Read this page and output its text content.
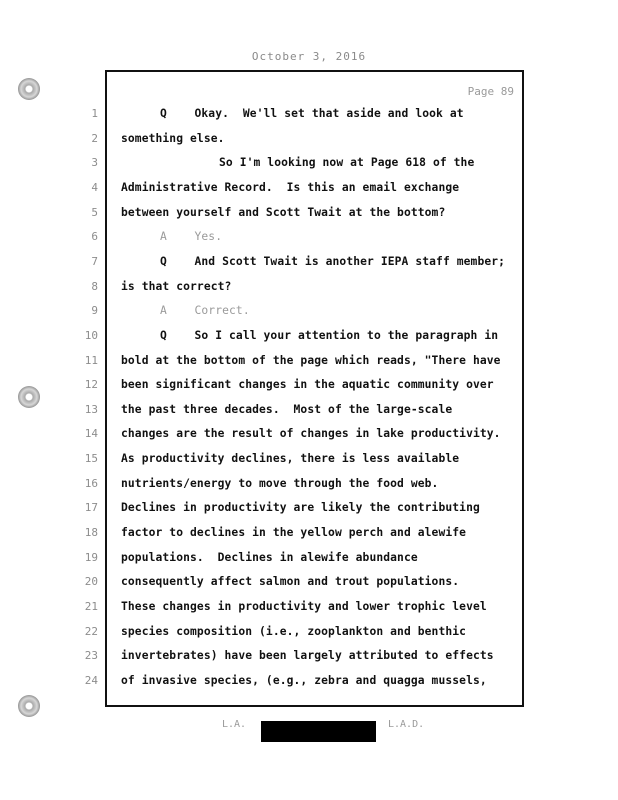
October 3, 2016
Page 89
1	Q    Okay.  We'll set that aside and look at
2 something else.
3	So I'm looking now at Page 618 of the
4 Administrative Record.  Is this an email exchange
5 between yourself and Scott Twait at the bottom?
6	A    Yes.
7	Q    And Scott Twait is another IEPA staff member;
8 is that correct?
9	A    Correct.
10	Q    So I call your attention to the paragraph in
11 bold at the bottom of the page which reads, "There have
12 been significant changes in the aquatic community over
13 the past three decades.  Most of the large-scale
14 changes are the result of changes in lake productivity.
15 As productivity declines, there is less available
16 nutrients/energy to move through the food web.
17 Declines in productivity are likely the contributing
18 factor to declines in the yellow perch and alewife
19 populations.  Declines in alewife abundance
20 consequently affect salmon and trout populations.
21 These changes in productivity and lower trophic level
22 species composition (i.e., zooplankton and benthic
23 invertebrates) have been largely attributed to effects
24 of invasive species, (e.g., zebra and quagga mussels,
L.A.	L.A.D.
